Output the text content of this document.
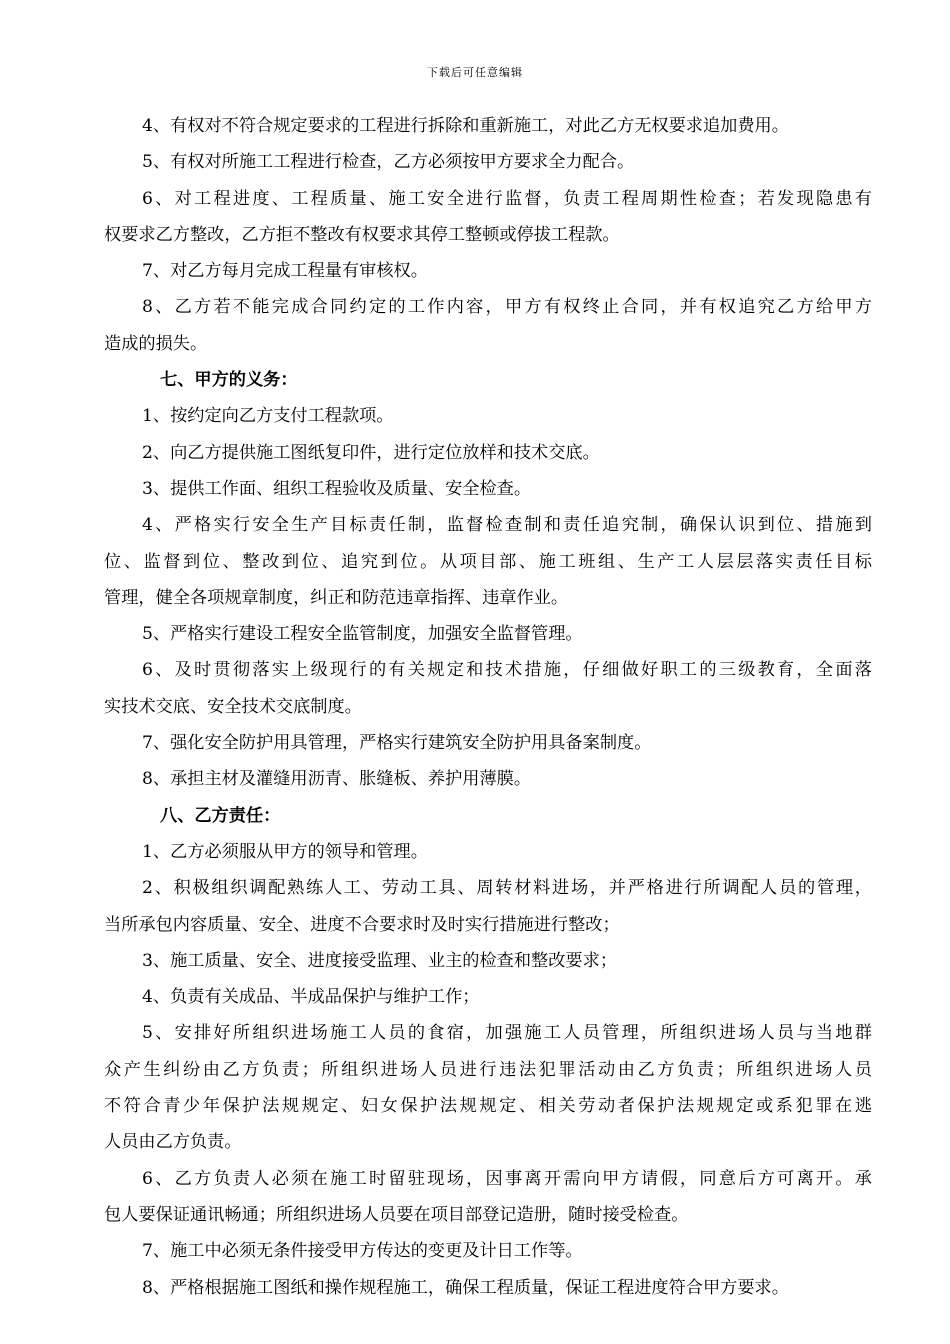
下载后可任意编辑

4、有权对不符合规定要求的工程进行拆除和重新施工，对此乙方无权要求追加费用。

5、有权对所施工工程进行检查，乙方必须按甲方要求全力配合。

6、对工程进度、工程质量、施工安全进行监督，负责工程周期性检查；若发现隐患有

权要求乙方整改，乙方拒不整改有权要求其停工整顿或停拔工程款。

7、对乙方每月完成工程量有审核权。

8、乙方若不能完成合同约定的工作内容，甲方有权终止合同，并有权追究乙方给甲方

造成的损失。

七、甲方的义务：

1、按约定向乙方支付工程款项。

2、向乙方提供施工图纸复印件，进行定位放样和技术交底。

3、提供工作面、组织工程验收及质量、安全检查。

4、严格实行安全生产目标责任制，监督检查制和责任追究制，确保认识到位、措施到

位、监督到位、整改到位、追究到位。从项目部、施工班组、生产工人层层落实责任目标

管理，健全各项规章制度，纠正和防范违章指挥、违章作业。

5、严格实行建设工程安全监管制度，加强安全监督管理。

6、及时贯彻落实上级现行的有关规定和技术措施，仔细做好职工的三级教育，全面落

实技术交底、安全技术交底制度。

7、强化安全防护用具管理，严格实行建筑安全防护用具备案制度。

8、承担主材及灌缝用沥青、胀缝板、养护用薄膜。

八、乙方责任：

1、乙方必须服从甲方的领导和管理。

2、积极组织调配熟练人工、劳动工具、周转材料进场，并严格进行所调配人员的管理，

当所承包内容质量、安全、进度不合要求时及时实行措施进行整改；

3、施工质量、安全、进度接受监理、业主的检查和整改要求；

4、负责有关成品、半成品保护与维护工作；

5、安排好所组织进场施工人员的食宿，加强施工人员管理，所组织进场人员与当地群

众产生纠纷由乙方负责；所组织进场人员进行违法犯罪活动由乙方负责；所组织进场人员

不符合青少年保护法规规定、妇女保护法规规定、相关劳动者保护法规规定或系犯罪在逃

人员由乙方负责。

6、乙方负责人必须在施工时留驻现场，因事离开需向甲方请假，同意后方可离开。承

包人要保证通讯畅通；所组织进场人员要在项目部登记造册，随时接受检查。

7、施工中必须无条件接受甲方传达的变更及计日工作等。

8、严格根据施工图纸和操作规程施工，确保工程质量，保证工程进度符合甲方要求。
